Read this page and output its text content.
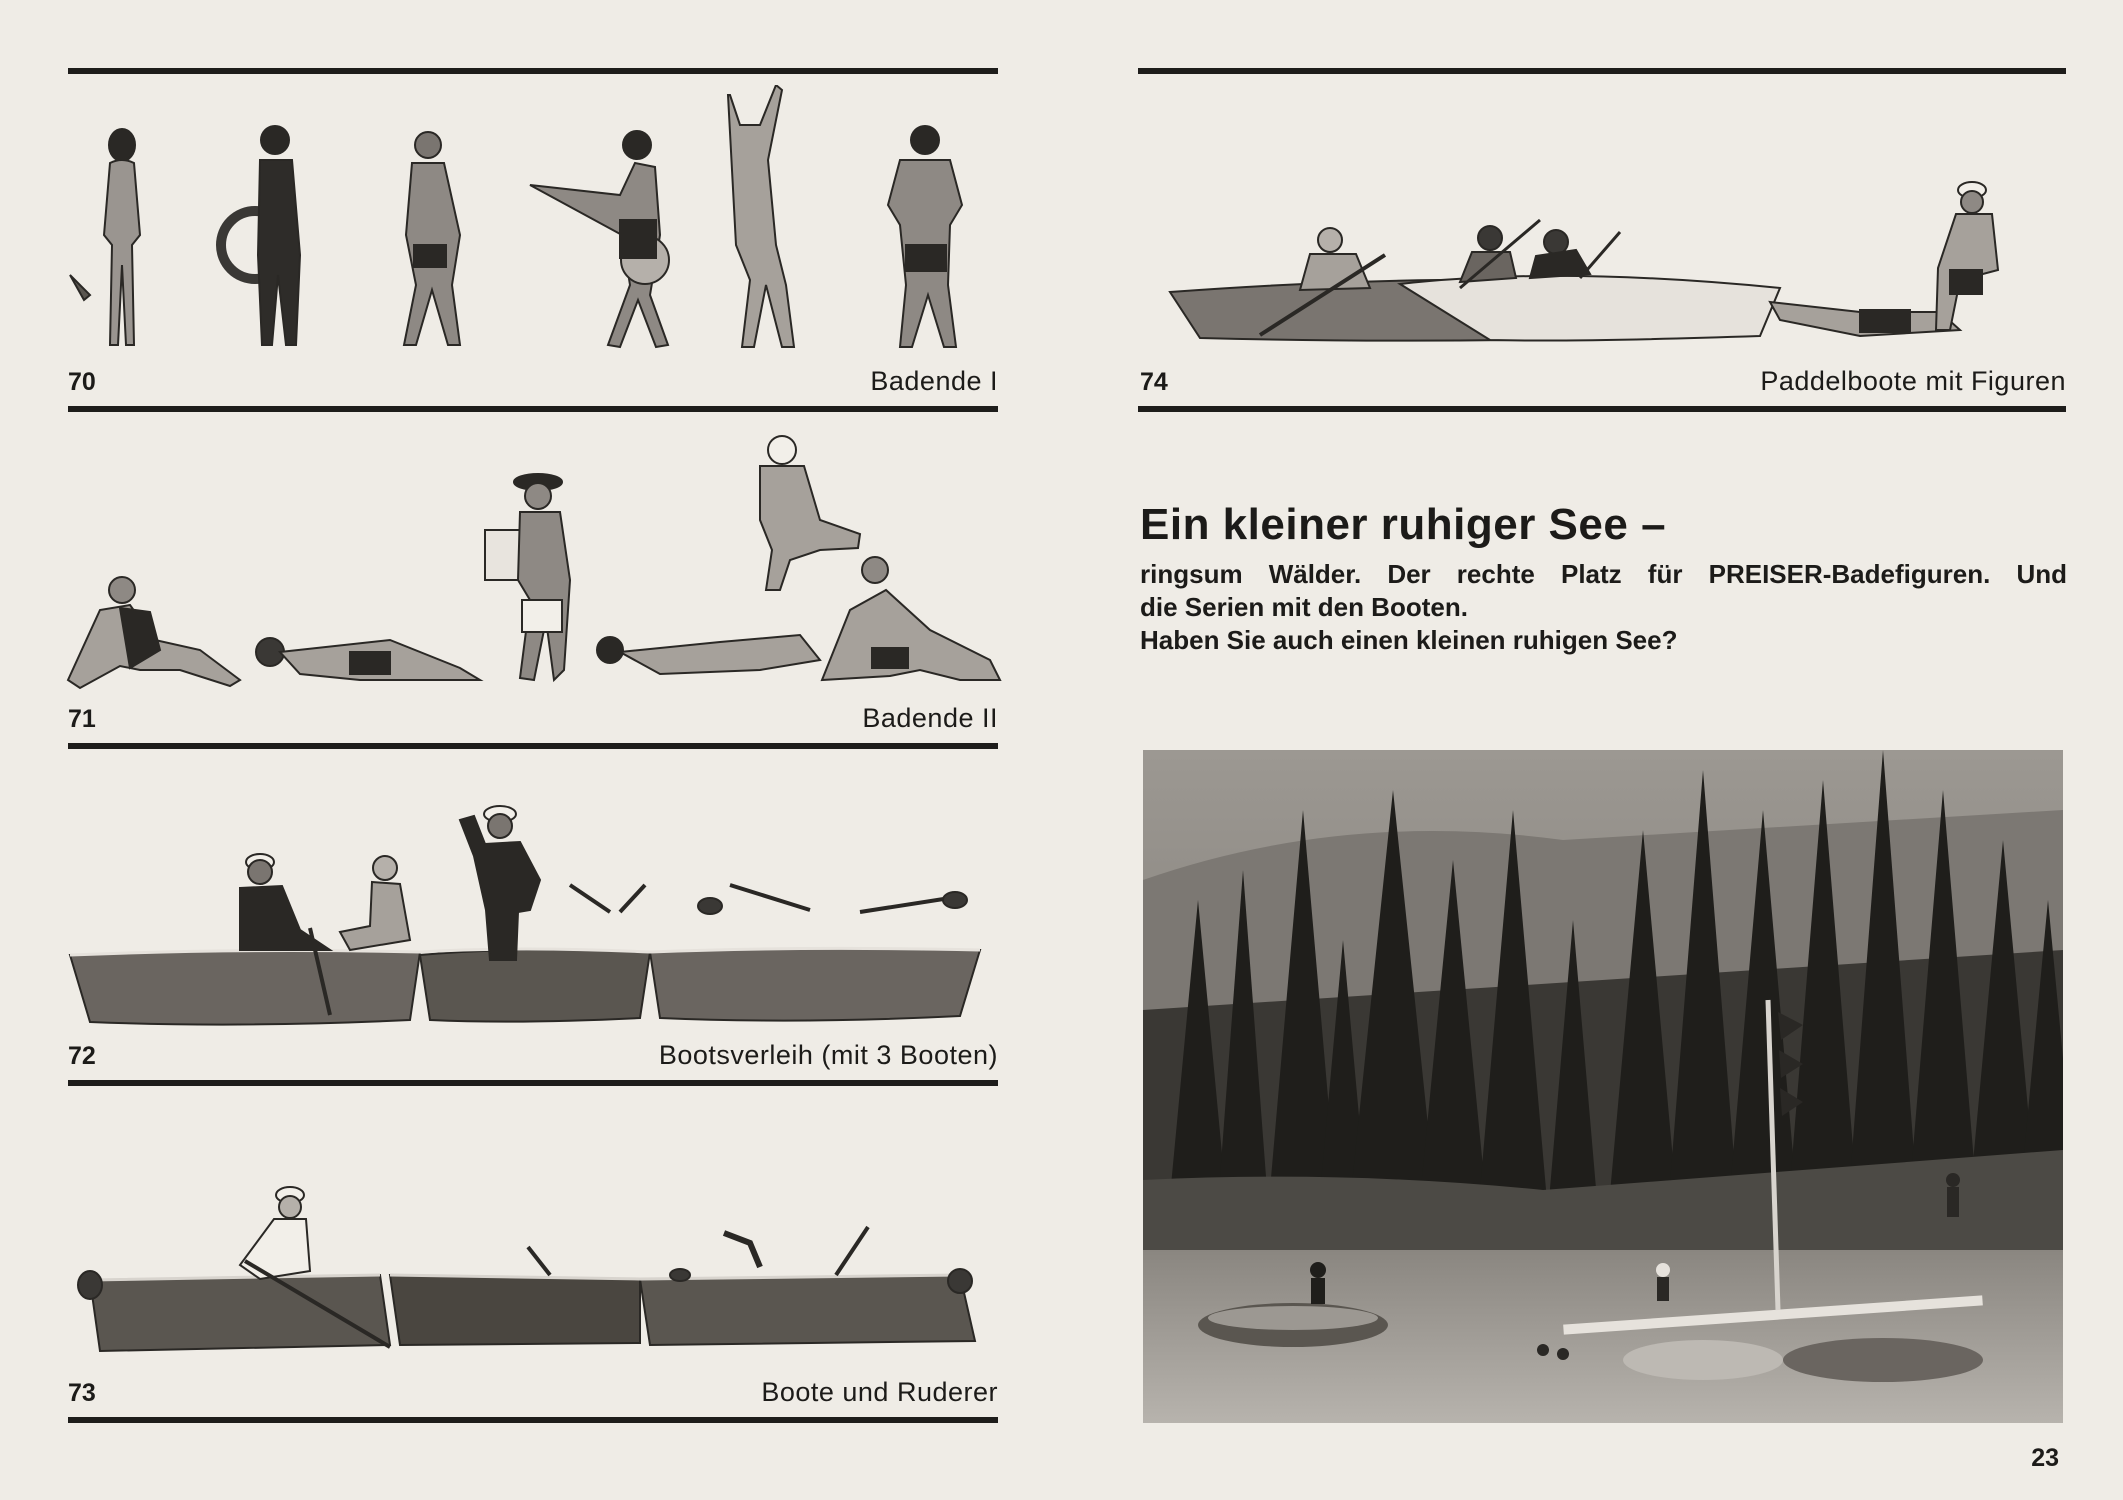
70	Badende I
71	Badende II
72	Bootsverleih (mit 3 Booten)
73	Boote und Ruderer
74	Paddelboote mit Figuren
Ein kleiner ruhiger See –
ringsum Wälder. Der rechte Platz für PREISER-Badefiguren. Und
die Serien mit den Booten.
Haben Sie auch einen kleinen ruhigen See?
23
